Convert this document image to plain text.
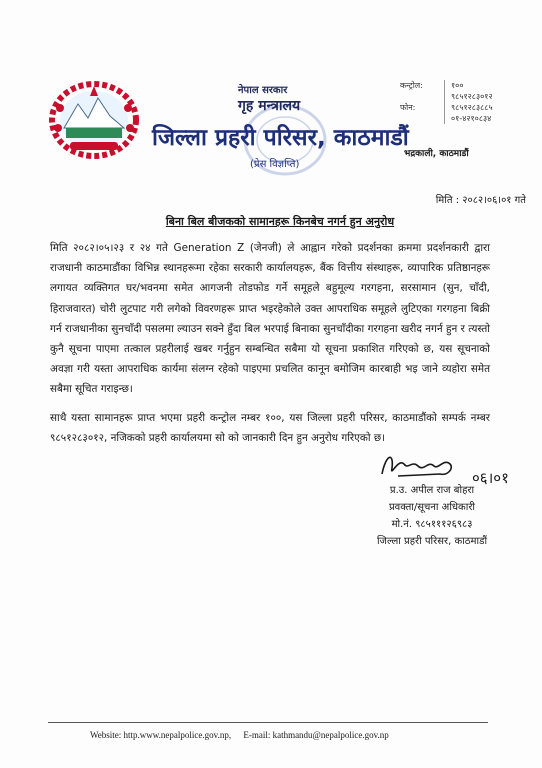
नेपाल सरकार
गृह मन्त्रालय
जिल्ला प्रहरी परिसर, काठमाडौं
(प्रेस विज्ञप्ति)
कन्ट्रोल:	१००
९८५१२८३०१२
फोन:	९८५१२८३८८५
०१-४२१०८३४
भद्रकाली, काठमाडौं
मिति : २०८२।०६।०१ गते
बिना बिल बीजकको सामानहरू किनबेच नगर्न हुन अनुरोध

मिति २०८२।०५।२३ र २४ गते Generation Z (जेनजी) ले आह्वान गरेको प्रदर्शनका क्रममा प्रदर्शनकारी द्वारा राजधानी काठमाडौंका विभिन्न स्थानहरूमा रहेका सरकारी कार्यालयहरू, बैंक वित्तीय संस्थाहरू, व्यापारिक प्रतिष्ठानहरू लगायत व्यक्तिगत घर/भवनमा समेत आगजनी तोडफोड गर्ने समूहले बहुमूल्य गरगहना, सरसामान (सुन, चाँदी, हिराजवारत) चोरी लुटपाट गरी लगेको विवरणहरू प्राप्त भइरहेकोले उक्त आपराधिक समूहले लुटिएका गरगहना बिक्री गर्न राजधानीका सुनचाँदी पसलमा ल्याउन सक्ने हुँदा बिल भरपाई बिनाका सुनचाँदीका गरगहना खरीद नगर्न हुन र त्यस्तो कुनै सूचना पाएमा तत्काल प्रहरीलाई खबर गर्नुहुन सम्बन्धित सबैमा यो सूचना प्रकाशित गरिएको छ, यस सूचनाको अवज्ञा गरी यस्ता आपराधिक कार्यमा संलग्न रहेको पाइएमा प्रचलित कानून बमोजिम कारबाही भइ जाने व्यहोरा समेत सबैमा सूचित गराइन्छ।

साथै यस्ता सामानहरू प्राप्त भएमा प्रहरी कन्ट्रोल नम्बर १००, यस जिल्ला प्रहरी परिसर, काठमाडौंको सम्पर्क नम्बर ९८५१२८३०१२, नजिकको प्रहरी कार्यालयमा सो को जानकारी दिन हुन अनुरोध गरिएको छ।

०६।०१
प्र.उ. अपील राज बोहरा
प्रवक्ता/सूचना अधिकारी
मो.नं. ९८५१११२६९८३
जिल्ला प्रहरी परिसर, काठमाडौं
Website: http.www.nepalpolice.gov.np, E-mail: kathmandu@nepalpolice.gov.np
